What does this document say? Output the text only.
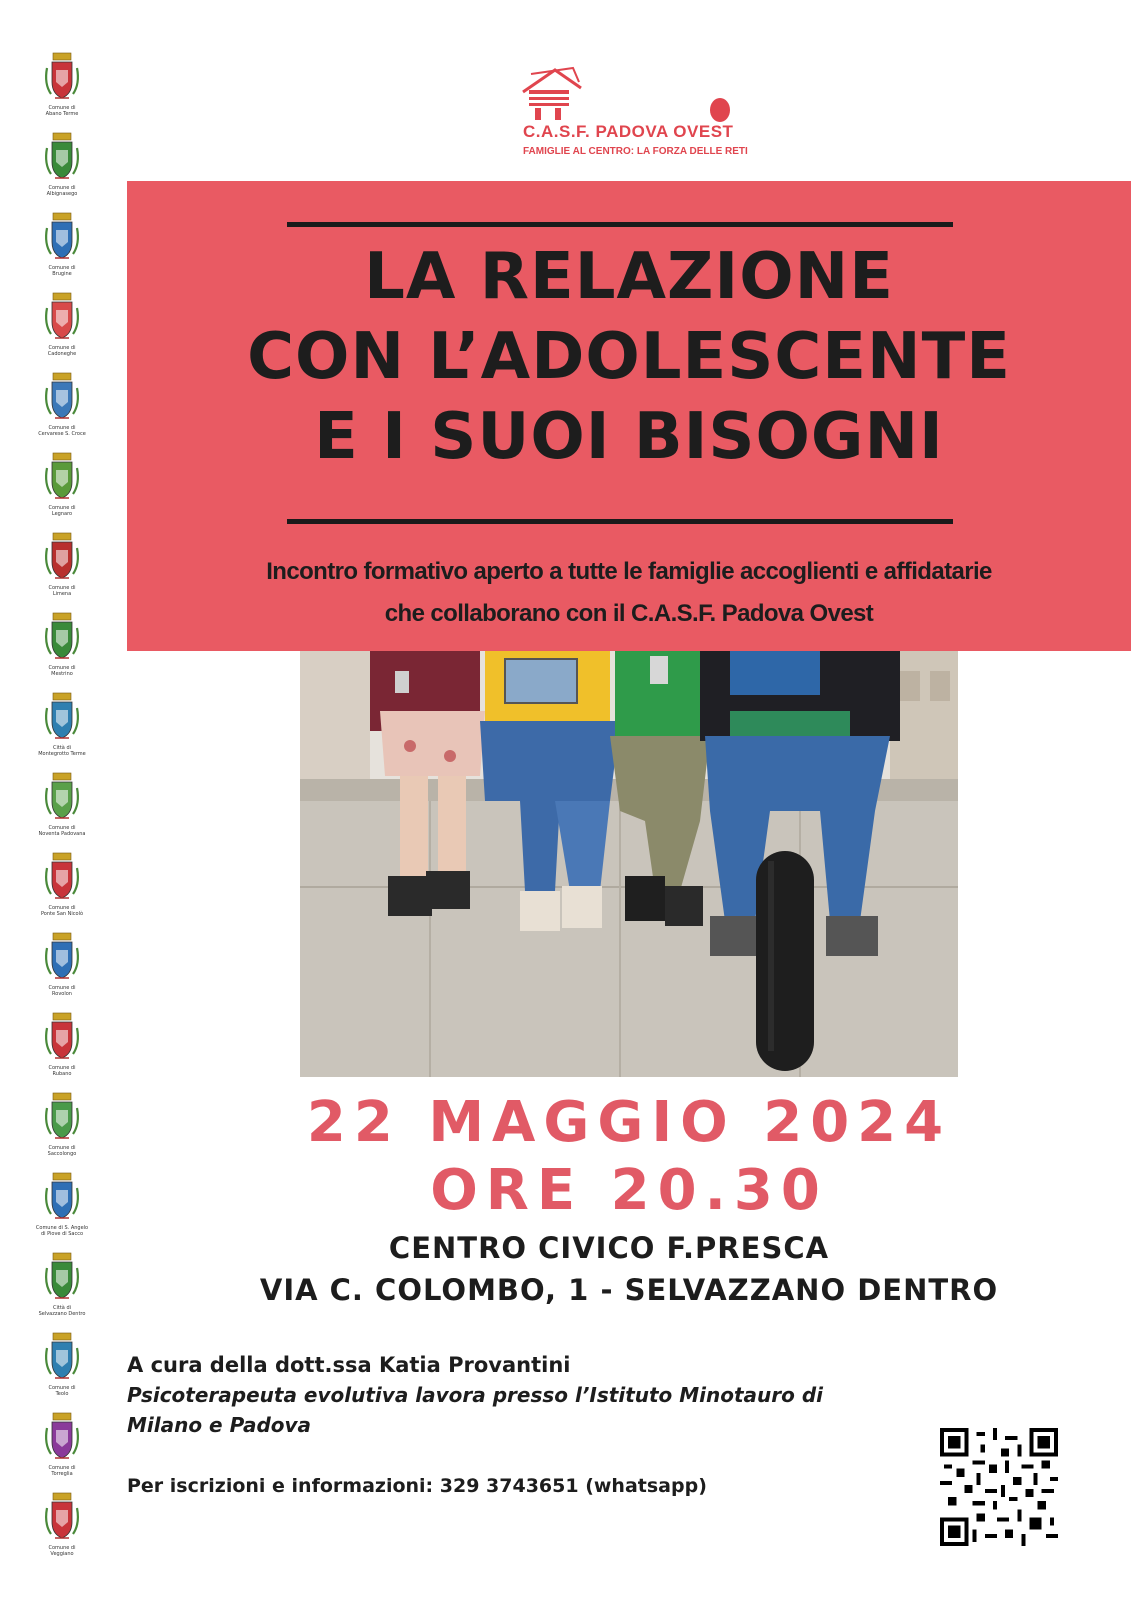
Comune di
Abano Terme
Comune di
Albignasego
Comune di
Brugine
Comune di
Cadoneghe
Comune di
Cervarese S. Croce
Comune di
Legnaro
Comune di
Limena
Comune di
Mestrino
Città di
Montegrotto Terme
Comune di
Noventa Padovana
Comune di
Ponte San Nicolò
Comune di
Rovolon
Comune di
Rubano
Comune di
Saccolongo
Comune di S. Angelo
di Piove di Sacco
Città di
Selvazzano Dentro
Comune di
Teolo
Comune di
Torreglia
Comune di
Veggiano
C.A.S.F. PADOVA OVEST
FAMIGLIE AL CENTRO: LA FORZA DELLE RETI
LA RELAZIONE
CON L’ADOLESCENTE
E I SUOI BISOGNI
Incontro formativo aperto a tutte le famiglie accoglienti e affidatarie
che collaborano con il C.A.S.F. Padova Ovest
22 MAGGIO 2024
ORE 20.30
CENTRO CIVICO F.PRESCA
VIA C. COLOMBO, 1 - SELVAZZANO DENTRO
A cura della dott.ssa Katia Provantini
Psicoterapeuta evolutiva lavora presso l’Istituto Minotauro di
Milano e Padova
Per iscrizioni e informazioni: 329 3743651 (whatsapp)
